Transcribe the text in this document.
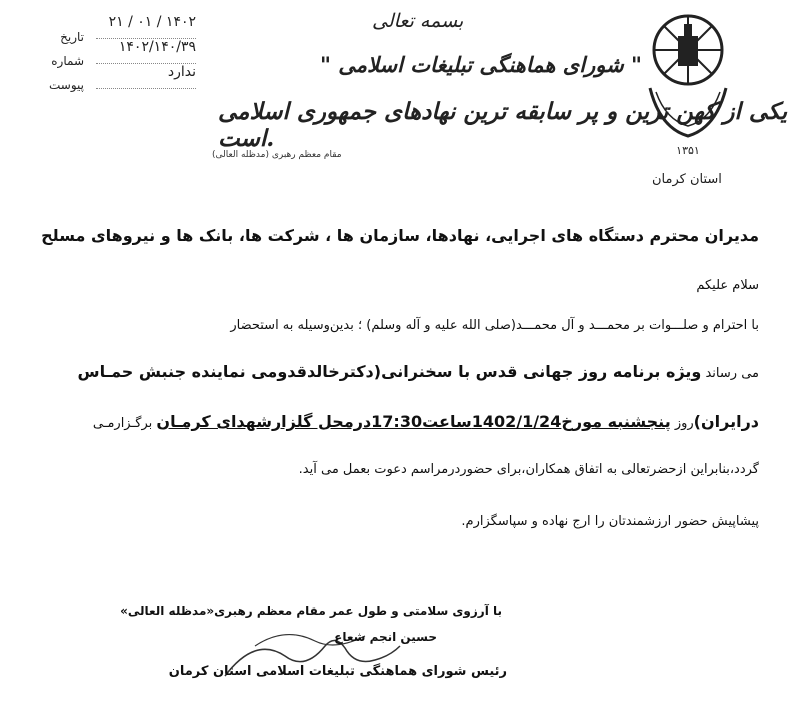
۱۳۵۱
استان کرمان
بسمه تعالی
" شورای هماهنگی تبلیغات اسلامی "
یکی از کهن ترین و پر سابقه ترین نهادهای جمهوری اسلامی است.
مقام معظم رهبری (مدظله العالی)
تاریخ
شماره
پیوست
۱۴۰۲ / ۰۱ / ۲۱
۱۴۰۲/۱۴۰/۳۹
ندارد
مدیران محترم دستگاه های اجرایی، نهادها، سازمان ها ، شرکت ها، بانک ها و نیروهای مسلح
سلام علیکم
با احترام و صلـــوات بر محمـــد و آل محمـــد(صلی الله علیه و آله وسلم) ؛ بدین‌وسیله به استحضار
می رساند ویژه برنامه روز جهانی قدس با سخنرانی(دکترخالدقدومی نماینده جنبش حمـاس
درایران)روز پنجشنبه مورخ1402/1/24ساعت17:30درمحل گلزارشهدای کرمـان برگـزارمـی
گردد،بنابراین ازحضرتعالی به اتفاق همکاران،برای حضوردرمراسم دعوت بعمل می آید.
پیشاپیش حضور ارزشمندتان را ارج نهاده و سپاسگزارم.
با آرزوی سلامتی و طول عمر مقام معظم رهبری«مدظله العالی»
حسین انجم شعاع
رئیس شورای هماهنگی تبلیغات اسلامی استان کرمان
